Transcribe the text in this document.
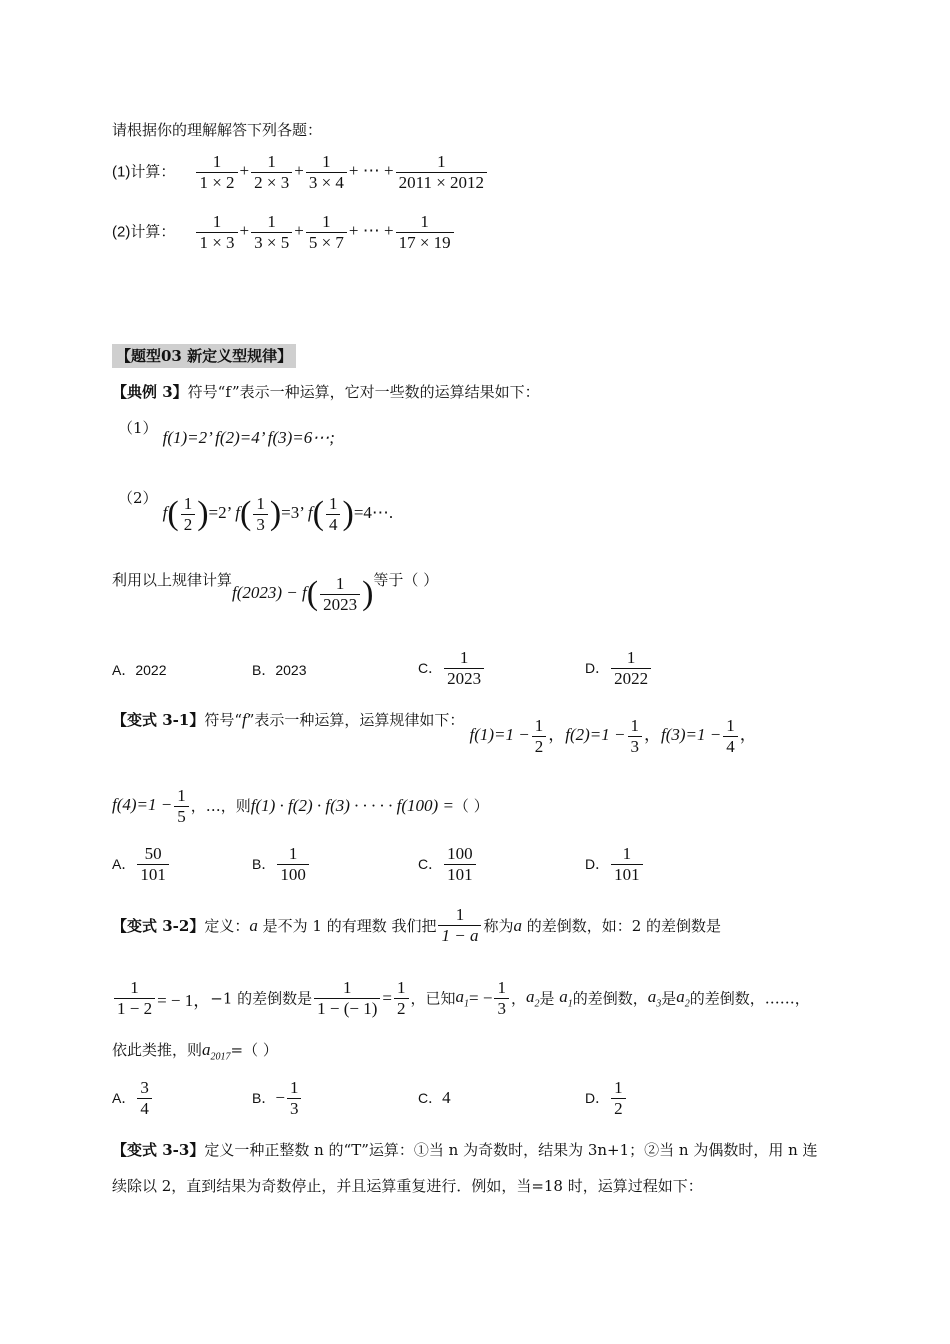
请根据你的理解解答下列各题：
(1)计算： $\frac{1}{1 \times 2} + \frac{1}{2 \times 3} + \frac{1}{3 \times 4}$ + ⋯ + $\frac{1}{2011 \times 2012}$
(2)计算： $\frac{1}{1 \times 3} + \frac{1}{3 \times 5} + \frac{1}{5 \times 7}$ + ⋯ + $\frac{1}{17 \times 19}$
【题型03 新定义型规律】
【典例 3】符号“f”表示一种运算，它对一些数的运算结果如下：
（1） f(1)=2’ f(2)=4’ f(3)=6⋯;
（2） $f( \frac{1}{2} )=2$’ $f( \frac{1}{3} )=3$’ $f( \frac{1}{4}$ )=4⋯.
利用以上规律计算$f(2023) - f( \frac{1}{2023}$ )等于（ ）
A．2022	B．2023	C． $\frac{1}{2023}$	D． $\frac{1}{2022}$
【变式 3-1】符号“f”表示一种运算，运算规律如下： $f(1)=1 - \frac{1}{2}$ ，$f(2)=1 - \frac{1}{3}$ ，$f(3)=1 - \frac{1}{4}$ ，
$f(4)=1 - \frac{1}{5}$ ，…，则f(1) · f(2) · f(3) · · · · · f(100) =（ ）
A． $\frac{50}{101}$	B． $\frac{1}{100}$	C． $\frac{100}{101}$	D． $\frac{1}{101}$
【变式 3-2】定义：a 是不为 1 的有理数 我们把 $\frac{1}{1 - a}$ 称为a 的差倒数，如：2 的差倒数是
$\frac{1}{1 - 2}$ = − 1，−1 的差倒数是 $\frac{1}{1 - (- 1)} = \frac{1}{2}$ ，已知$a_1= - \frac{1}{3}$ ，$a_2$是 $a_1$的差倒数，$a_3$是$a_2$的差倒数，……，
依此类推，则$a_{2017}=$（ ）
A． $\frac{3}{4}$	B．− $\frac{1}{3}$	C．4	D． $\frac{1}{2}$
【变式 3-3】定义一种正整数 n 的“T”运算：①当 n 为奇数时，结果为 3n+1；②当 n 为偶数时，用 n 连
续除以 2，直到结果为奇数停止，并且运算重复进行．例如，当=18 时，运算过程如下：
